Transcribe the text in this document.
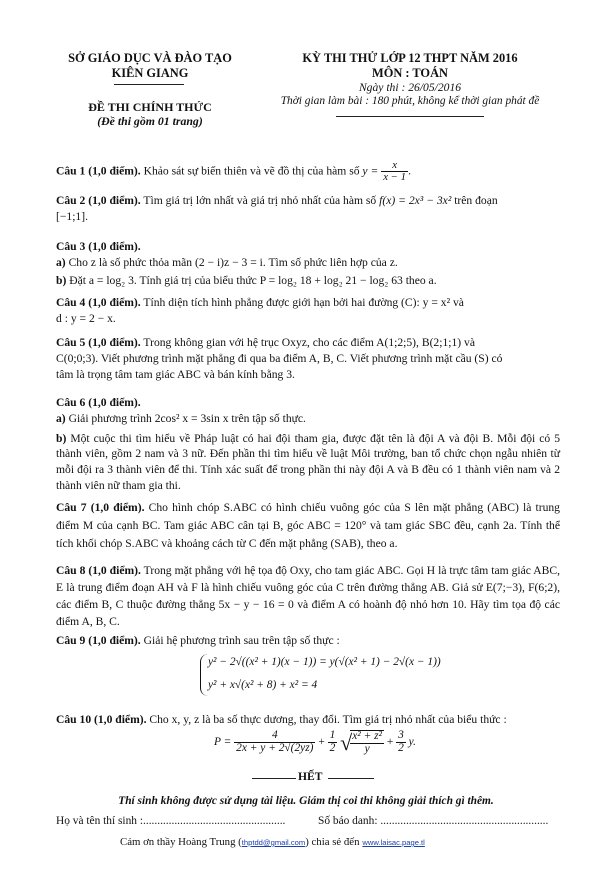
SỞ GIÁO DỤC VÀ ĐÀO TẠO
KIÊN GIANG
ĐỀ THI CHÍNH THỨC
(Đề thi gồm 01 trang)
KỲ THI THỬ LỚP 12 THPT NĂM 2016
MÔN : TOÁN
Ngày thi : 26/05/2016
Thời gian làm bài : 180 phút, không kể thời gian phát đề
Câu 1 (1,0 điểm). Khảo sát sự biến thiên và vẽ đồ thị của hàm số $y = \frac{x}{x - 1}$ .

Câu 2 (1,0 điểm). Tìm giá trị lớn nhất và giá trị nhỏ nhất của hàm số f(x) = 2x³ − 3x² trên đoạn

[−1;1].

Câu 3 (1,0 điểm).

a) Cho z là số phức thỏa mãn (2 − i)z − 3 = i. Tìm số phức liên hợp của z.

b) Đặt a = log₂ 3. Tính giá trị của biểu thức P = log₂ 18 + log₂ 21 − log₂ 63 theo a.

Câu 4 (1,0 điểm). Tính diện tích hình phẳng được giới hạn bởi hai đường (C): y = x² và

d : y = 2 − x.

Câu 5 (1,0 điểm). Trong không gian với hệ trục Oxyz, cho các điểm A(1;2;5), B(2;1;1) và

C(0;0;3). Viết phương trình mặt phẳng đi qua ba điểm A, B, C. Viết phương trình mặt cầu (S) có

tâm là trọng tâm tam giác ABC và bán kính bằng 3.

Câu 6 (1,0 điểm).

a) Giải phương trình 2cos² x = 3sin x trên tập số thực.

b) Một cuộc thi tìm hiểu về Pháp luật có hai đội tham gia, được đặt tên là đội A và đội B. Mỗi đội có 5 thành viên, gồm 2 nam và 3 nữ. Đến phần thi tìm hiểu về luật Môi trường, ban tổ chức chọn ngẫu nhiên từ mỗi đội ra 3 thành viên để thi. Tính xác suất để trong phần thi này đội A và B đều có 1 thành viên nam và 2 thành viên nữ tham gia thi.

Câu 7 (1,0 điểm). Cho hình chóp S.ABC có hình chiếu vuông góc của S lên mặt phẳng (ABC) là trung điểm M của cạnh BC. Tam giác ABC cân tại B, góc ABC = 120° và tam giác SBC đều, cạnh 2a. Tính thể tích khối chóp S.ABC và khoảng cách từ C đến mặt phẳng (SAB), theo a.
Câu 8 (1,0 điểm). Trong mặt phẳng với hệ tọa độ Oxy, cho tam giác ABC. Gọi H là trực tâm tam giác ABC, E là trung điểm đoạn AH và F là hình chiếu vuông góc của C trên đường thẳng AB. Giả sử E(7;−3), F(6;2), các điểm B, C thuộc đường thẳng 5x − y − 16 = 0 và điểm A có hoành độ nhỏ hơn 10. Hãy tìm tọa độ các điểm A, B, C.
Câu 9 (1,0 điểm). Giải hệ phương trình sau trên tập số thực :
y² − 2√((x² + 1)(x − 1)) = y(√(x² + 1) − 2√(x − 1))
y² + x√(x² + 8) + x² = 4
Câu 10 (1,0 điểm). Cho x, y, z là ba số thực dương, thay đổi. Tìm giá trị nhỏ nhất của biểu thức :
$P = \frac{4}{2x + y + 2√(2yz)} + \frac{1}{2}$ √
$\frac{\text{x² + z²}}{y} + \frac{3}{2} y$.
HẾT
Thí sinh không được sử dụng tài liệu. Giám thị coi thi không giải thích gì thêm.
Họ và tên thí sinh :..................................................	Số báo danh: ...........................................................
Cảm ơn thầy Hoàng Trung (thptdd@gmail.com) chia sẻ đến www.laisac.page.tl
